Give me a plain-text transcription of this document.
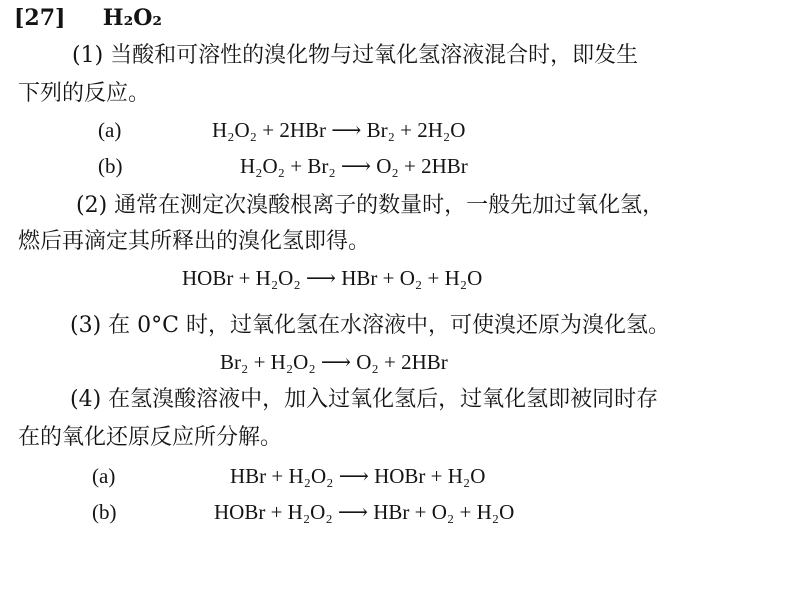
[27] H₂O₂
(1) 当酸和可溶性的溴化物与过氧化氢溶液混合时，即发生
下列的反应。
(a)	H₂O₂ + 2HBr ⟶ Br₂ + 2H₂O
(b)	H₂O₂ + Br₂ ⟶ O₂ + 2HBr
(2) 通常在测定次溴酸根离子的数量时，一般先加过氧化氢，
燃后再滴定其所释出的溴化氢即得。
HOBr + H₂O₂ ⟶ HBr + O₂ + H₂O
(3) 在 0°C 时，过氧化氢在水溶液中，可使溴还原为溴化氢。
Br₂ + H₂O₂ ⟶ O₂ + 2HBr
(4) 在氢溴酸溶液中，加入过氧化氢后，过氧化氢即被同时存
在的氧化还原反应所分解。
(a)	HBr + H₂O₂ ⟶ HOBr + H₂O
(b)	HOBr + H₂O₂ ⟶ HBr + O₂ + H₂O
